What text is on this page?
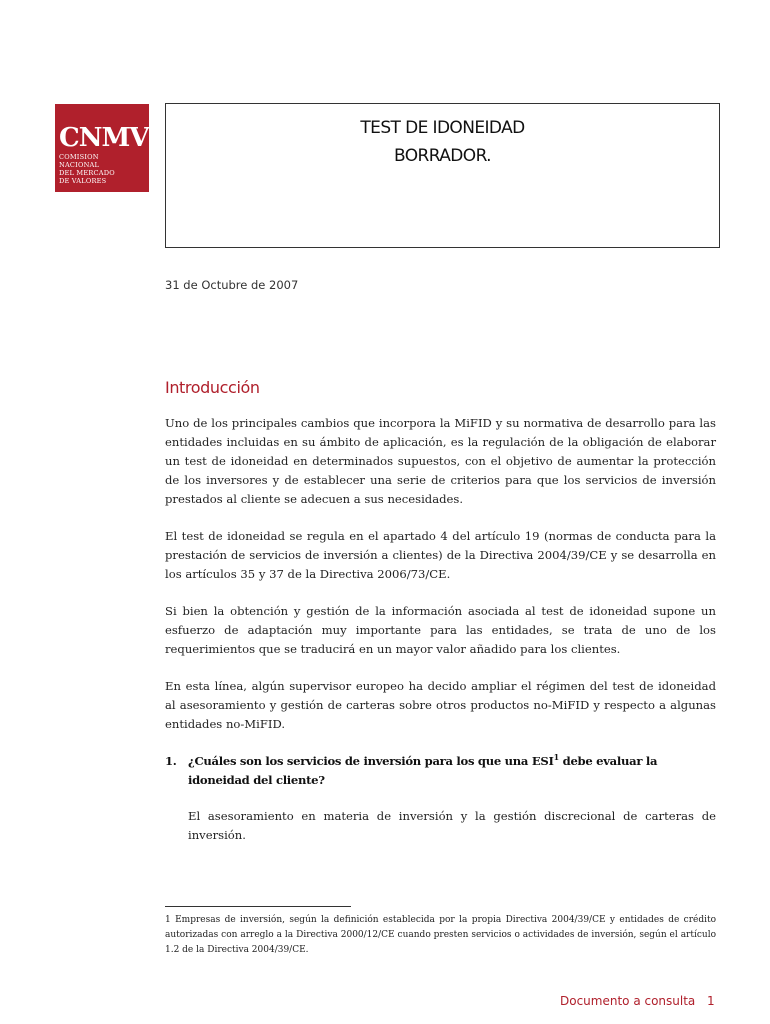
CNMV
COMISION
NACIONAL
DEL MERCADO
DE VALORES
TEST DE IDONEIDAD
BORRADOR.
31 de Octubre de 2007
Introducción

Uno de los principales cambios que incorpora la MiFID y su normativa de desarrollo para las entidades incluidas en su ámbito de aplicación, es la regulación de la obligación de elaborar un test de idoneidad en determinados supuestos, con el objetivo de aumentar la protección de los inversores y de establecer una serie de criterios para que los servicios de inversión prestados al cliente se adecuen a sus necesidades.

El test de idoneidad se regula en el apartado 4 del artículo 19 (normas de conducta para la prestación de servicios de inversión a clientes) de la Directiva 2004/39/CE y se desarrolla en los artículos 35 y 37 de la Directiva 2006/73/CE.

Si bien la obtención y gestión de la información asociada al test de idoneidad supone un esfuerzo de adaptación muy importante para las entidades, se trata de uno de los requerimientos que se traducirá en un mayor valor añadido para los clientes.

En esta línea, algún supervisor europeo ha decido ampliar el régimen del test de idoneidad al asesoramiento y gestión de carteras sobre otros productos no-MiFID y respecto a algunas entidades no-MiFID.

1. ¿Cuáles son los servicios de inversión para los que una ESI$^1$ debe evaluar la idoneidad del cliente?
El asesoramiento en materia de inversión y la gestión discrecional de carteras de inversión.
1 Empresas de inversión, según la definición establecida por la propia Directiva 2004/39/CE y entidades de crédito autorizadas con arreglo a la Directiva 2000/12/CE cuando presten servicios o actividades de inversión, según el artículo 1.2 de la Directiva 2004/39/CE.
Documento a consulta 1
